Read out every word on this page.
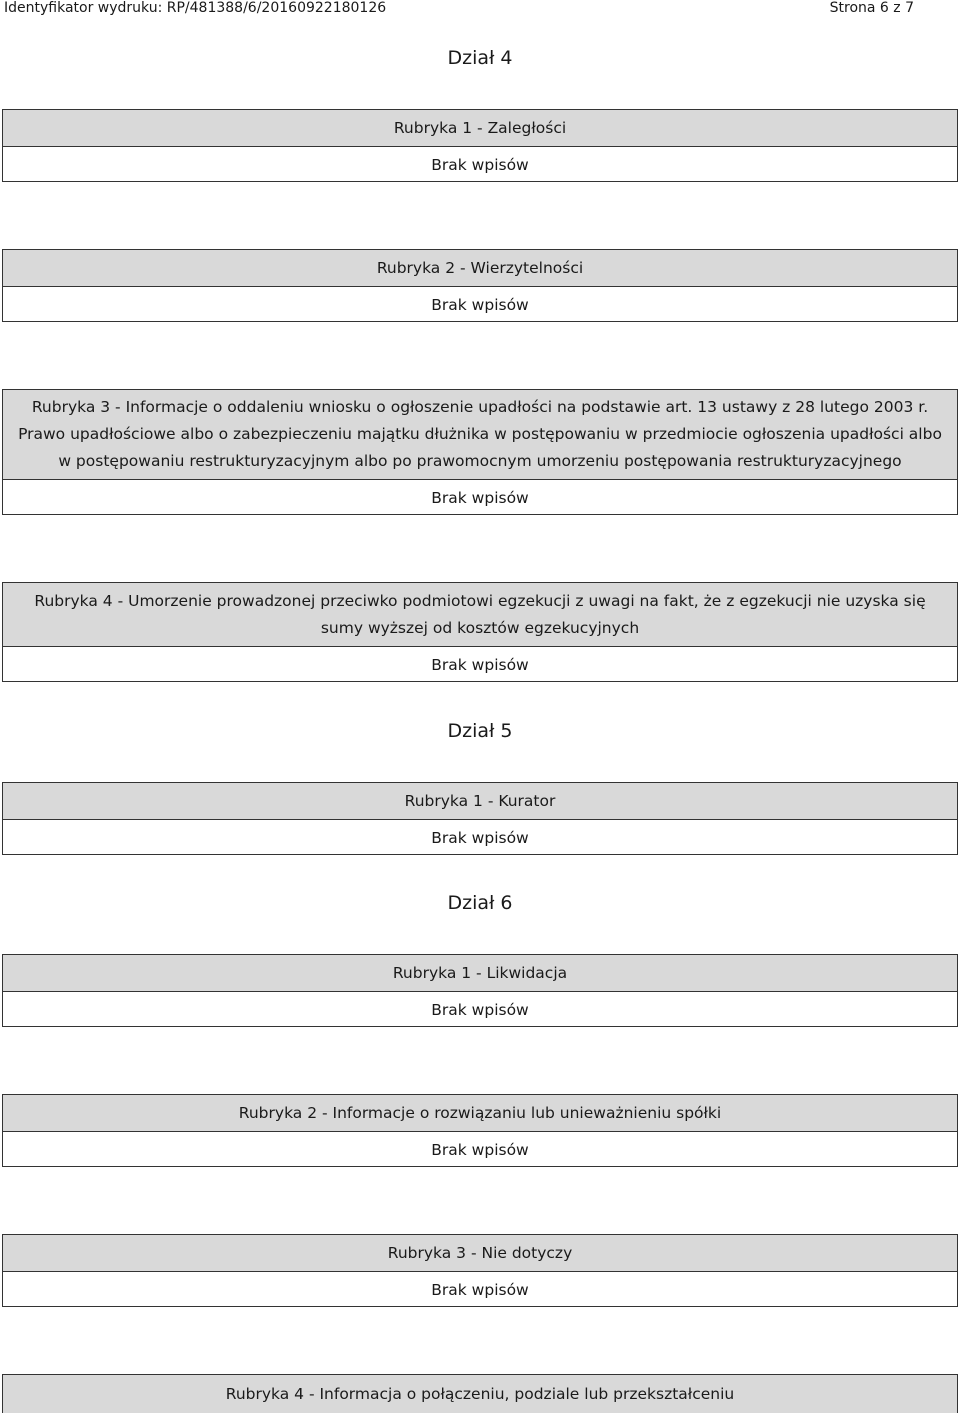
Identyfikator wydruku: RP/481388/6/20160922180126	Strona 6 z 7
Dział 4
Rubryka 1 - Zaległości
Brak wpisów
Rubryka 2 - Wierzytelności
Brak wpisów
Rubryka 3 - Informacje o oddaleniu wniosku o ogłoszenie upadłości na podstawie art. 13 ustawy z 28 lutego 2003 r. Prawo upadłościowe albo o zabezpieczeniu majątku dłużnika w postępowaniu w przedmiocie ogłoszenia upadłości albo w postępowaniu restrukturyzacyjnym albo po prawomocnym umorzeniu postępowania restrukturyzacyjnego
Brak wpisów
Rubryka 4 - Umorzenie prowadzonej przeciwko podmiotowi egzekucji z uwagi na fakt, że z egzekucji nie uzyska się sumy wyższej od kosztów egzekucyjnych
Brak wpisów
Dział 5
Rubryka 1 - Kurator
Brak wpisów
Dział 6
Rubryka 1 - Likwidacja
Brak wpisów
Rubryka 2 - Informacje o rozwiązaniu lub unieważnieniu spółki
Brak wpisów
Rubryka 3 - Nie dotyczy
Brak wpisów
Rubryka 4 - Informacja o połączeniu, podziale lub przekształceniu
